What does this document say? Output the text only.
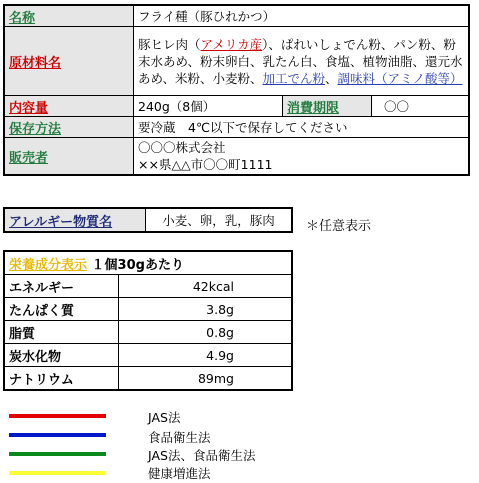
名称	フライ種（豚ひれかつ）		
原材料名	豚ヒレ肉（アメリカ産）、ぱれいしょでん粉、パン粉、粉末水あめ、粉末卵白、乳たん白、食塩、植物油脂、還元水あめ、米粉、小麦粉、加工でん粉、調味料（アミノ酸等）		
内容量	240g（8個）	消費期限	〇〇
保存方法	要冷蔵　4℃以下で保存してください		
販売者	〇〇〇株式会社
××県△△市〇〇町1111		
アレルギー物質名	小麦、卵，乳，豚肉 ＊任意表示
栄養成分表示 １個30gあたり	
エネルギー	42kcal
たんぱく質	3.8g
脂質	0.8g
炭水化物	4.9g
ナトリウム	89mg
JAS法
食品衛生法
JAS法、食品衛生法
健康増進法
